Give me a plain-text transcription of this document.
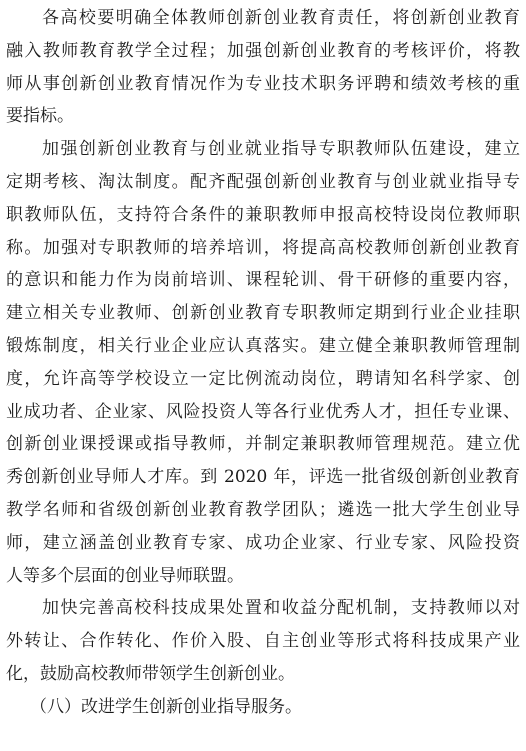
各高校要明确全体教师创新创业教育责任，将创新创业教育
融入教师教育教学全过程；加强创新创业教育的考核评价，将教
师从事创新创业教育情况作为专业技术职务评聘和绩效考核的重
要指标。
加强创新创业教育与创业就业指导专职教师队伍建设，建立
定期考核、淘汰制度。配齐配强创新创业教育与创业就业指导专
职教师队伍，支持符合条件的兼职教师申报高校特设岗位教师职
称。加强对专职教师的培养培训，将提高高校教师创新创业教育
的意识和能力作为岗前培训、课程轮训、骨干研修的重要内容，
建立相关专业教师、创新创业教育专职教师定期到行业企业挂职
锻炼制度，相关行业企业应认真落实。建立健全兼职教师管理制
度，允许高等学校设立一定比例流动岗位，聘请知名科学家、创
业成功者、企业家、风险投资人等各行业优秀人才，担任专业课、
创新创业课授课或指导教师，并制定兼职教师管理规范。建立优
秀创新创业导师人才库。到 2020 年，评选一批省级创新创业教育
教学名师和省级创新创业教育教学团队；遴选一批大学生创业导
师，建立涵盖创业教育专家、成功企业家、行业专家、风险投资
人等多个层面的创业导师联盟。
加快完善高校科技成果处置和收益分配机制，支持教师以对
外转让、合作转化、作价入股、自主创业等形式将科技成果产业
化，鼓励高校教师带领学生创新创业。
（八）改进学生创新创业指导服务。
